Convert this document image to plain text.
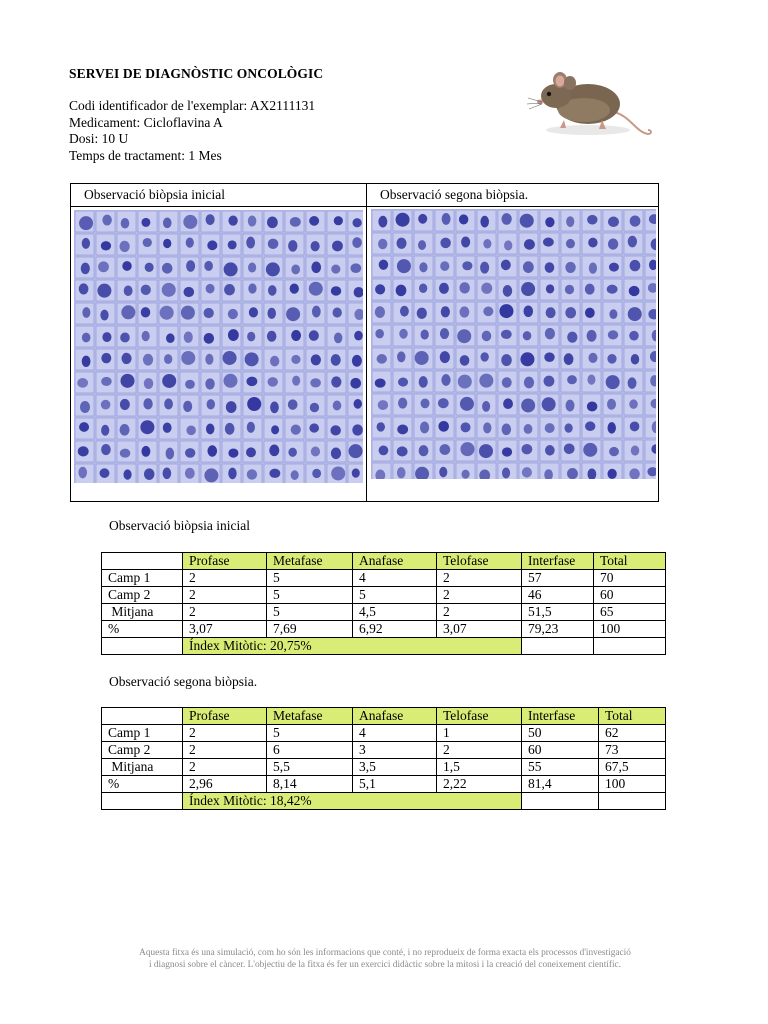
SERVEI DE DIAGNÒSTIC ONCOLÒGIC
Codi identificador de l'exemplar: AX2111131
Medicament: Cicloflavina A
Dosi: 10 U
Temps de tractament: 1 Mes
Observació biòpsia inicial	Observació segona biòpsia.
Observació biòpsia inicial
	Profase	Metafase	Anafase	Telofase	Interfase	Total
Camp 1	2	5	4	2	57	70
Camp 2	2	5	5	2	46	60
Mitjana	2	5	4,5	2	51,5	65
%	3,07	7,69	6,92	3,07	79,23	100
	Índex Mitòtic: 20,75%					
Observació segona biòpsia.
	Profase	Metafase	Anafase	Telofase	Interfase	Total
Camp 1	2	5	4	1	50	62
Camp 2	2	6	3	2	60	73
Mitjana	2	5,5	3,5	1,5	55	67,5
%	2,96	8,14	5,1	2,22	81,4	100
	Índex Mitòtic: 18,42%					
Aquesta fitxa és una simulació, com ho són les informacions que conté, i no reprodueix de forma exacta els processos d'investigació
i diagnosi sobre el càncer. L'objectiu de la fitxa és fer un exercici didàctic sobre la mitosi i la creació del coneixement científic.
